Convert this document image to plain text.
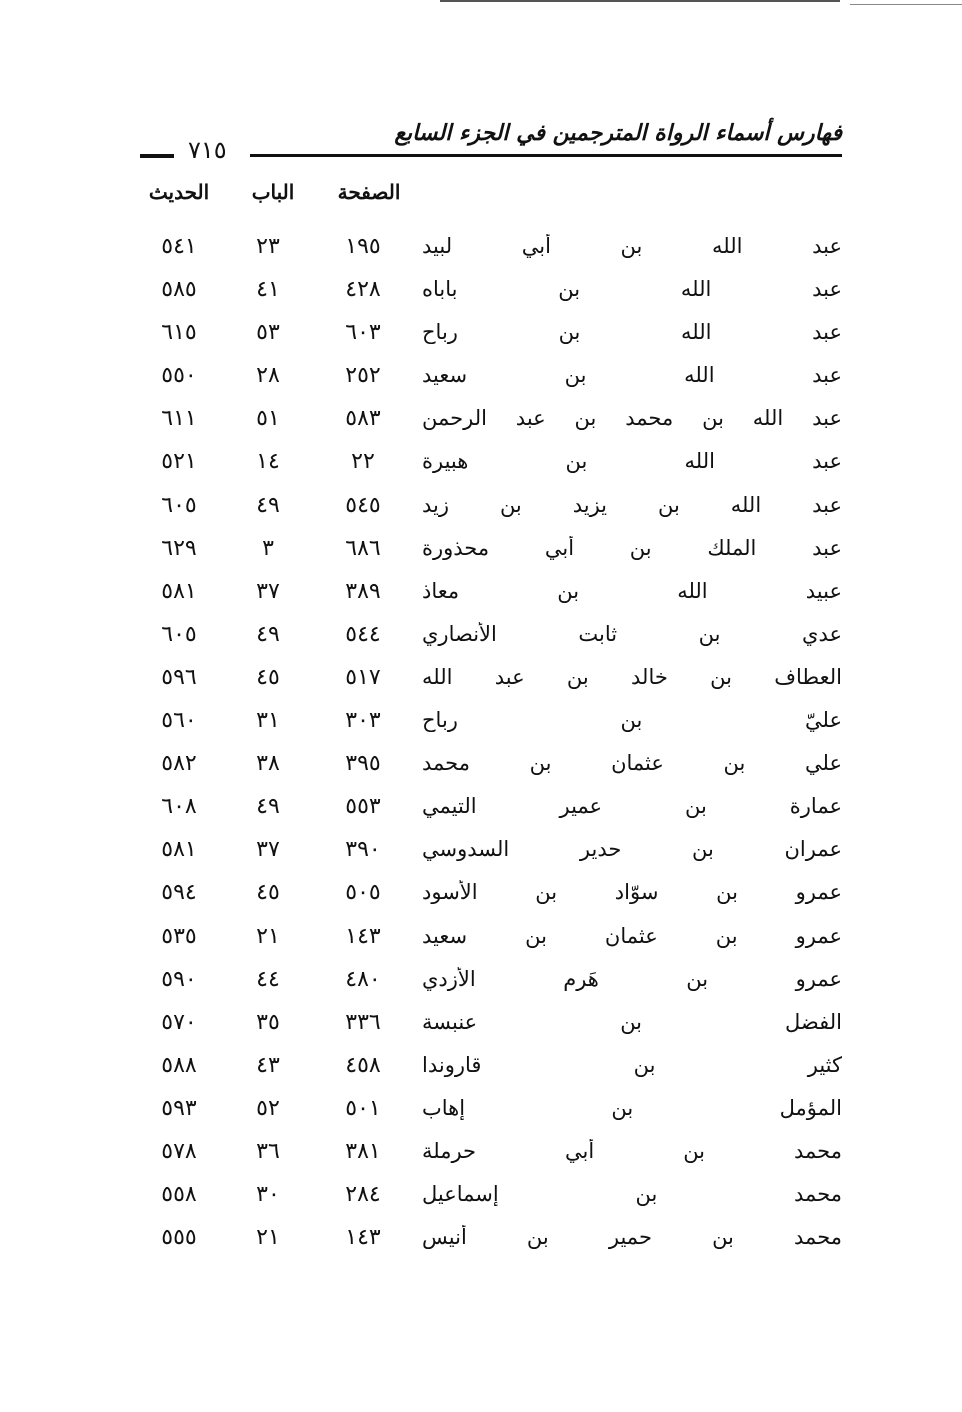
فهارس أسماء الرواة المترجمين في الجزء السابع
٧١٥
الصفحة
الباب
الحديث
عبد الله بن أبي لبيد
١٩٥
٢٣
٥٤١
عبد الله بن باباه
٤٢٨
٤١
٥٨٥
عبد الله بن رباح
٦٠٣
٥٣
٦١٥
عبد الله بن سعيد
٢٥٢
٢٨
٥٥٠
عبد الله بن محمد بن عبد الرحمن
٥٨٣
٥١
٦١١
عبد الله بن هبيرة
٢٢
١٤
٥٢١
عبد الله بن يزيد بن زيد
٥٤٥
٤٩
٦٠٥
عبد الملك بن أبي محذورة
٦٨٦
٣
٦٢٩
عبيد الله بن معاذ
٣٨٩
٣٧
٥٨١
عدي بن ثابت الأنصاري
٥٤٤
٤٩
٦٠٥
العطاف بن خالد بن عبد الله
٥١٧
٤٥
٥٩٦
عليّ بن رباح
٣٠٣
٣١
٥٦٠
علي بن عثمان بن محمد
٣٩٥
٣٨
٥٨٢
عمارة بن عمير التيمي
٥٥٣
٤٩
٦٠٨
عمران بن حدير السدوسي
٣٩٠
٣٧
٥٨١
عمرو بن سوّاد بن الأسود
٥٠٥
٤٥
٥٩٤
عمرو بن عثمان بن سعيد
١٤٣
٢١
٥٣٥
عمرو بن هَرِم الأزدي
٤٨٠
٤٤
٥٩٠
الفضل بن عنبسة
٣٣٦
٣٥
٥٧٠
كثير بن قاروندا
٤٥٨
٤٣
٥٨٨
المؤمل بن إهاب
٥٠١
٥٢
٥٩٣
محمد بن أبي حرملة
٣٨١
٣٦
٥٧٨
محمد بن إسماعيل
٢٨٤
٣٠
٥٥٨
محمد بن حمير بن أنيس
١٤٣
٢١
٥٥٥
